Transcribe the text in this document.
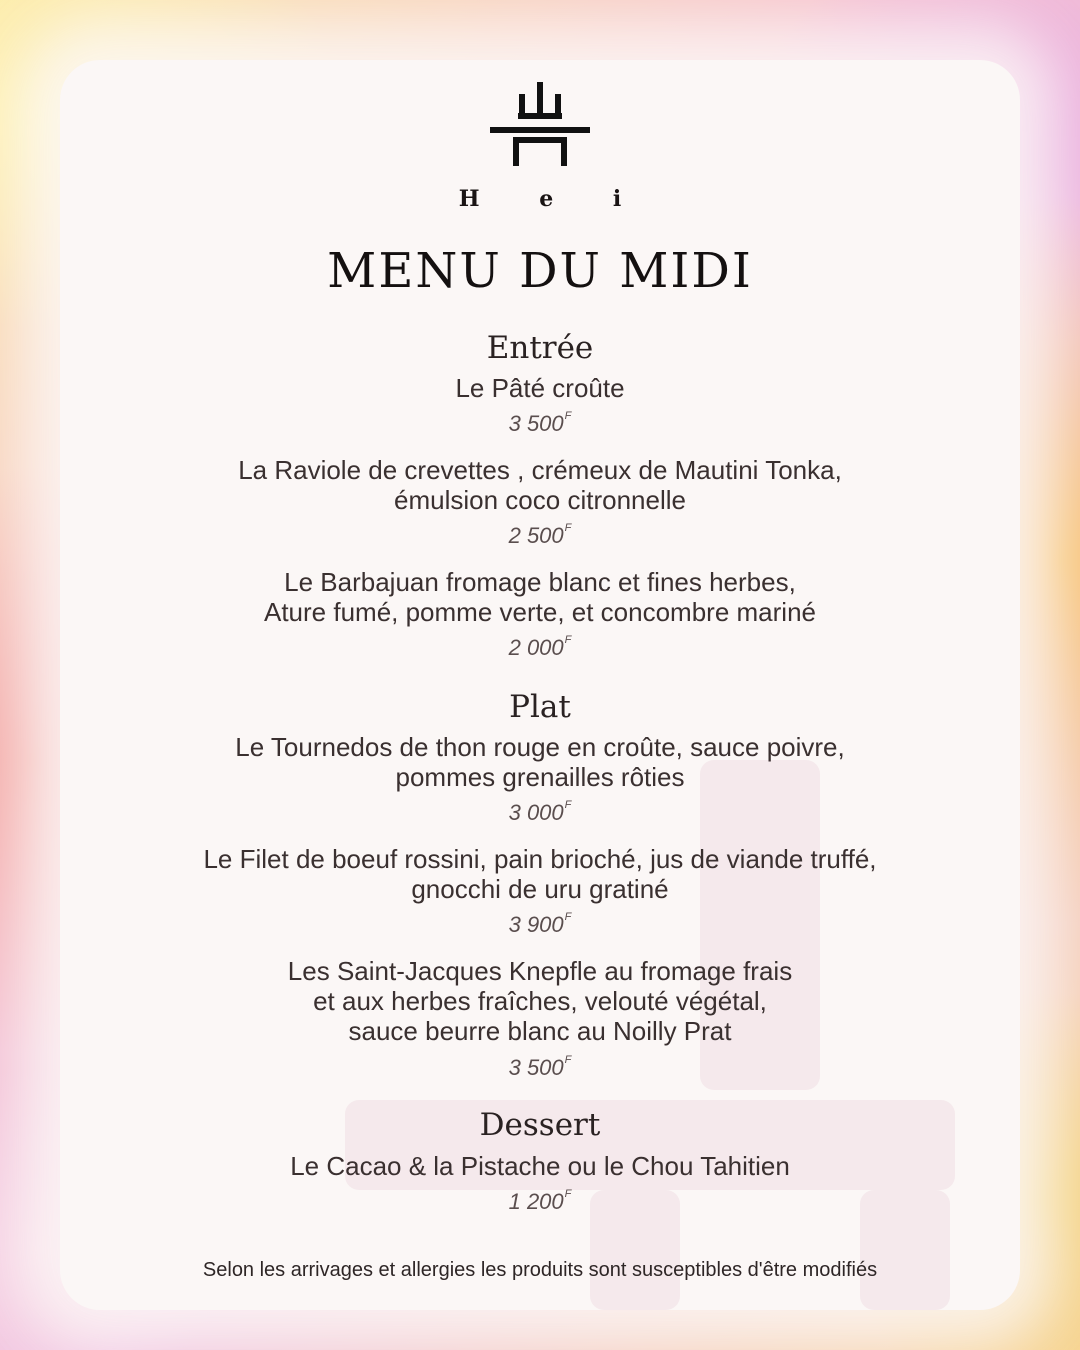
H e i
MENU DU MIDI
Entrée
Le Pâté croûte
3 $500^F$
La Raviole de crevettes , crémeux de Mautini Tonka,
émulsion coco citronnelle
2 $500^F$
Le Barbajuan fromage blanc et fines herbes,
Ature fumé, pomme verte, et concombre mariné
2 $000^F$
Plat
Le Tournedos de thon rouge en croûte, sauce poivre,
pommes grenailles rôties
3 $000^F$
Le Filet de boeuf rossini, pain brioché, jus de viande truffé,
gnocchi de uru gratiné
3 $900^F$
Les Saint-Jacques Knepfle au fromage frais
et aux herbes fraîches, velouté végétal,
sauce beurre blanc au Noilly Prat
3 $500^F$
Dessert
Le Cacao & la Pistache ou le Chou Tahitien
1 $200^F$
Selon les arrivages et allergies les produits sont susceptibles d'être modifiés
